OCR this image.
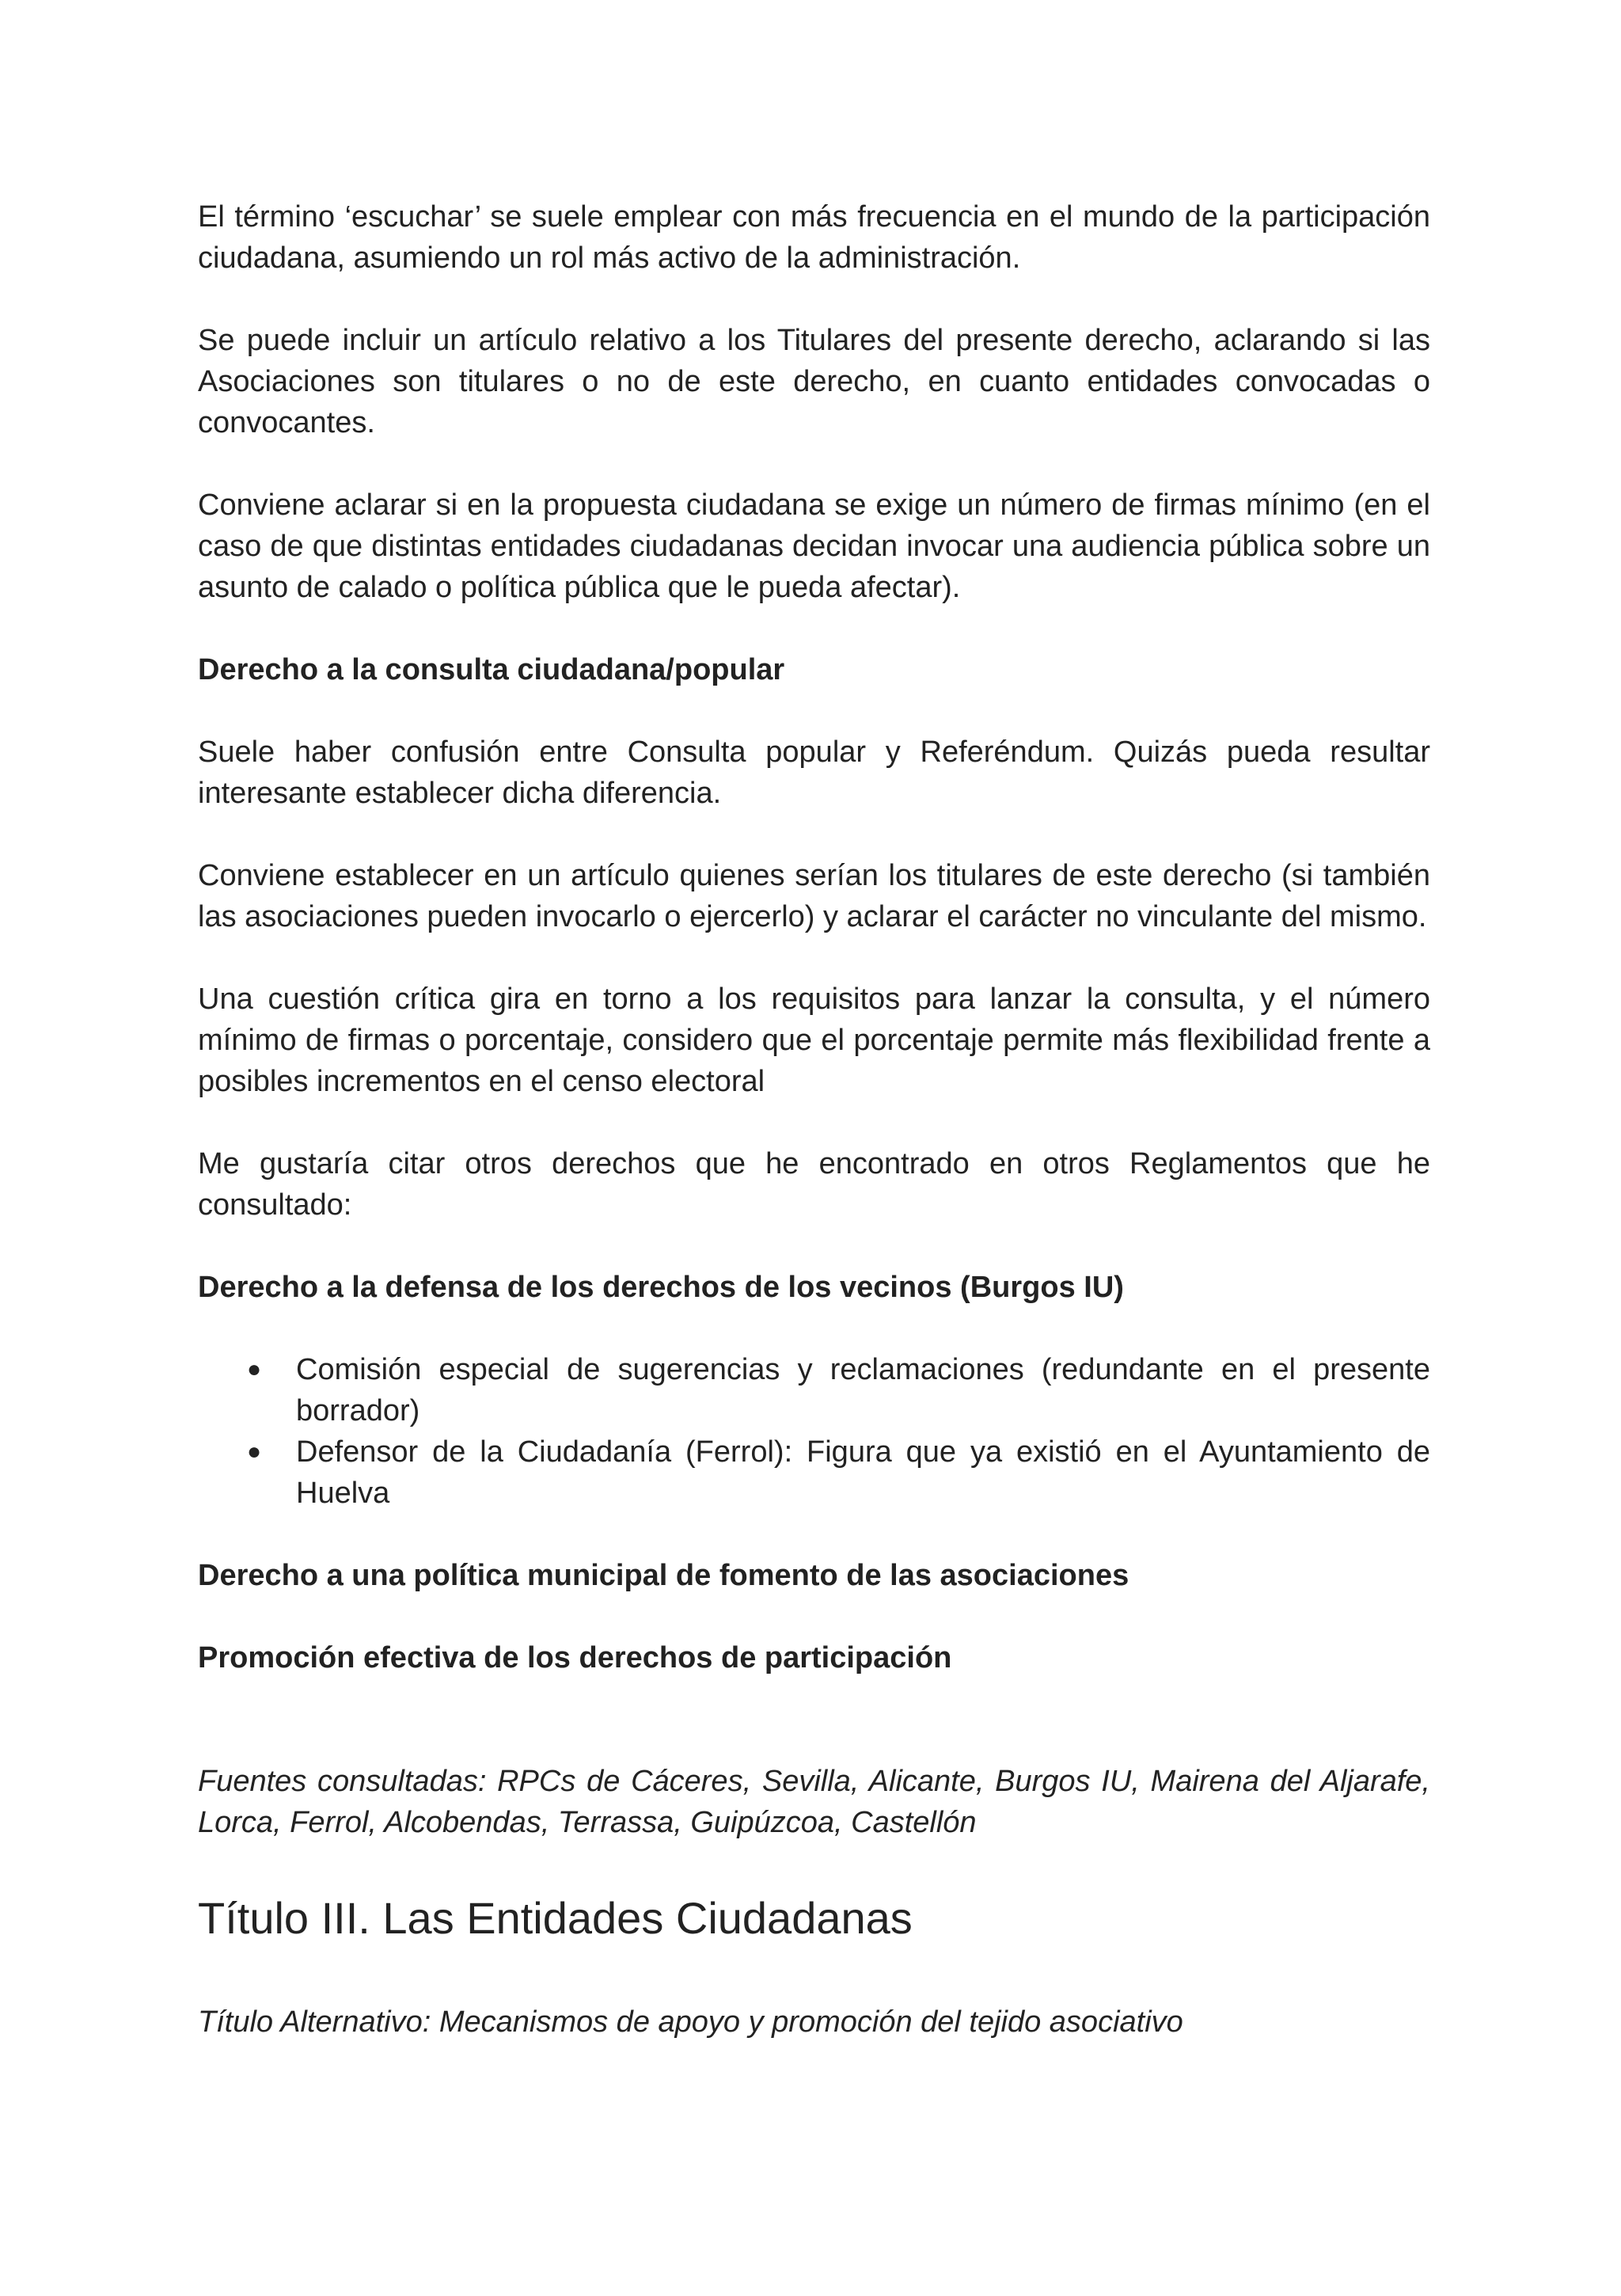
El término ‘escuchar’ se suele emplear con más frecuencia en el mundo de la participación ciudadana, asumiendo un rol más activo de la administración.

Se puede incluir un artículo relativo a los Titulares del presente derecho, aclarando si las Asociaciones son titulares o no de este derecho, en cuanto entidades convocadas o convocantes.

Conviene aclarar si en la propuesta ciudadana se exige un número de firmas mínimo (en el caso de que distintas entidades ciudadanas decidan invocar una audiencia pública sobre un asunto de calado o política pública que le pueda afectar).

Derecho a la consulta ciudadana/popular

Suele haber confusión entre Consulta popular y Referéndum. Quizás pueda resultar interesante establecer dicha diferencia.

Conviene establecer en un artículo quienes serían los titulares de este derecho (si también las asociaciones pueden invocarlo o ejercerlo) y aclarar el carácter no vinculante del mismo.

Una cuestión crítica gira en torno a los requisitos para lanzar la consulta, y el número mínimo de firmas o porcentaje, considero que el porcentaje permite más flexibilidad frente a posibles incrementos en el censo electoral

Me gustaría citar otros derechos que he encontrado en otros Reglamentos que he consultado:

Derecho a la defensa de los derechos de los vecinos (Burgos IU)

● Comisión especial de sugerencias y reclamaciones (redundante en el presente borrador)
● Defensor de la Ciudadanía (Ferrol): Figura que ya existió en el Ayuntamiento de Huelva

Derecho a una política municipal de fomento de las asociaciones

Promoción efectiva de los derechos de participación

Fuentes consultadas: RPCs de Cáceres, Sevilla, Alicante, Burgos IU, Mairena del Aljarafe, Lorca, Ferrol, Alcobendas, Terrassa, Guipúzcoa, Castellón

Título III. Las Entidades Ciudadanas

Título Alternativo: Mecanismos de apoyo y promoción del tejido asociativo
